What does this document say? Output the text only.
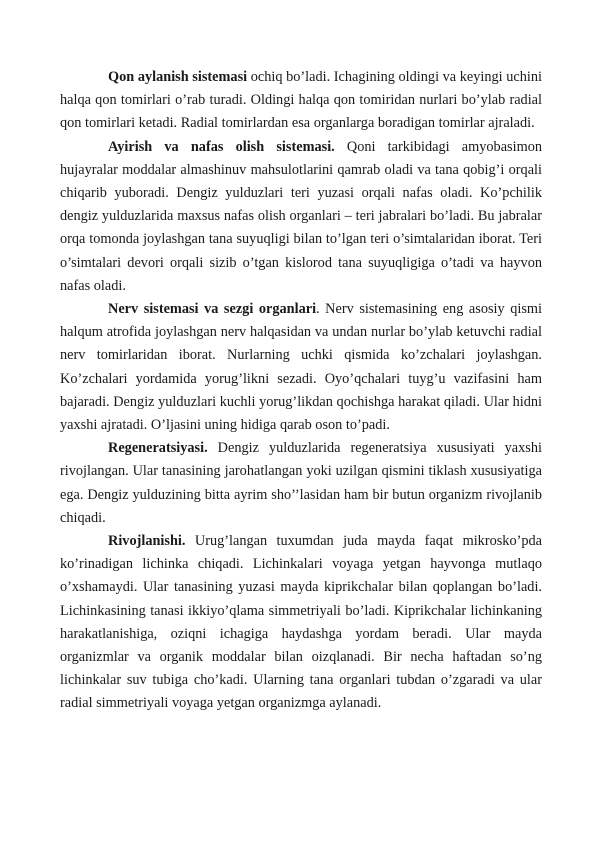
Qon aylanish sistemasi ochiq bo’ladi. Ichagining oldingi va keyingi uchini halqa qon tomirlari o’rab turadi. Oldingi halqa qon tomiridan nurlari bo’ylab radial qon tomirlari ketadi. Radial tomirlardan esa organlarga boradigan tomirlar ajraladi.

Ayirish va nafas olish sistemasi. Qoni tarkibidagi amyobasimon hujayralar moddalar almashinuv mahsulotlarini qamrab oladi va tana qobig’i orqali chiqarib yuboradi. Dengiz yulduzlari teri yuzasi orqali nafas oladi. Ko’pchilik dengiz yulduzlarida maxsus nafas olish organlari – teri jabralari bo’ladi. Bu jabralar orqa tomonda joylashgan tana suyuqligi bilan to’lgan teri o’simtalaridan iborat. Teri o’simtalari devori orqali sizib o’tgan kislorod tana suyuqligiga o’tadi va hayvon nafas oladi.

Nerv sistemasi va sezgi organlari. Nerv sistemasining eng asosiy qismi halqum atrofida joylashgan nerv halqasidan va undan nurlar bo’ylab ketuvchi radial nerv tomirlaridan iborat. Nurlarning uchki qismida ko’zchalari joylashgan. Ko’zchalari yordamida yorug’likni sezadi. Oyo’qchalari tuyg’u vazifasini ham bajaradi. Dengiz yulduzlari kuchli yorug’likdan qochishga harakat qiladi. Ular hidni yaxshi ajratadi. O’ljasini uning hidiga qarab oson to’padi.

Regeneratsiyasi. Dengiz yulduzlarida regeneratsiya xususiyati yaxshi rivojlangan. Ular tanasining jarohatlangan yoki uzilgan qismini tiklash xususiyatiga ega. Dengiz yulduzining bitta ayrim sho’’lasidan ham bir butun organizm rivojlanib chiqadi.

Rivojlanishi. Urug’langan tuxumdan juda mayda faqat mikrosko’pda ko’rinadigan lichinka chiqadi. Lichinkalari voyaga yetgan hayvonga mutlaqo o’xshamaydi. Ular tanasining yuzasi mayda kiprikchalar bilan qoplangan bo’ladi. Lichinkasining tanasi ikkiyo’qlama simmetriyali bo’ladi. Kiprikchalar lichinkaning harakatlanishiga, oziqni ichagiga haydashga yordam beradi. Ular mayda organizmlar va organik moddalar bilan oizqlanadi. Bir necha haftadan so’ng lichinkalar suv tubiga cho’kadi. Ularning tana organlari tubdan o’zgaradi va ular radial simmetriyali voyaga yetgan organizmga aylanadi.
